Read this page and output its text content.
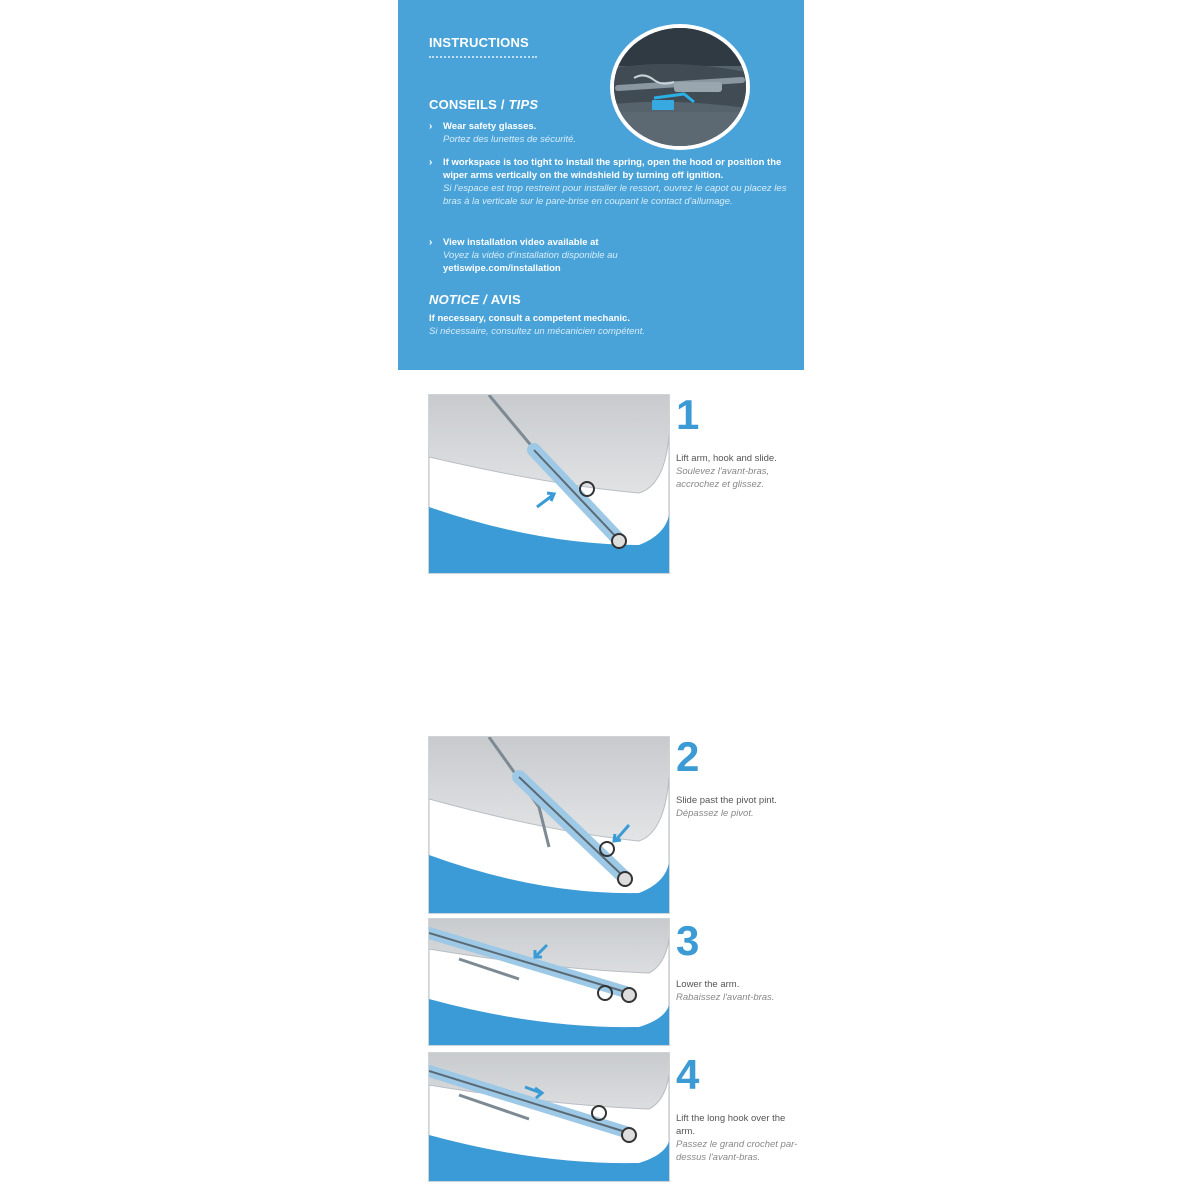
INSTRUCTIONS
CONSEILS / TIPS
› Wear safety glasses.
Portez des lunettes de sécurité.
› If workspace is too tight to install the spring, open the hood or position the wiper arms vertically on the windshield by turning off ignition.
Si l'espace est trop restreint pour installer le ressort, ouvrez le capot ou placez les bras à la verticale sur le pare-brise en coupant le contact d'allumage.
› View installation video available at
Voyez la vidéo d'installation disponible au
yetiswipe.com/installation
NOTICE / AVIS
If necessary, consult a competent mechanic.
Si nécessaire, consultez un mécanicien compétent.
1
Lift arm, hook and slide.
Soulevez l'avant-bras, accrochez et glissez.
2
Slide past the pivot pint.
Dépassez le pivot.
3
Lower the arm.
Rabaissez l'avant-bras.
4
Lift the long hook over the arm.
Passez le grand crochet par-dessus l'avant-bras.
